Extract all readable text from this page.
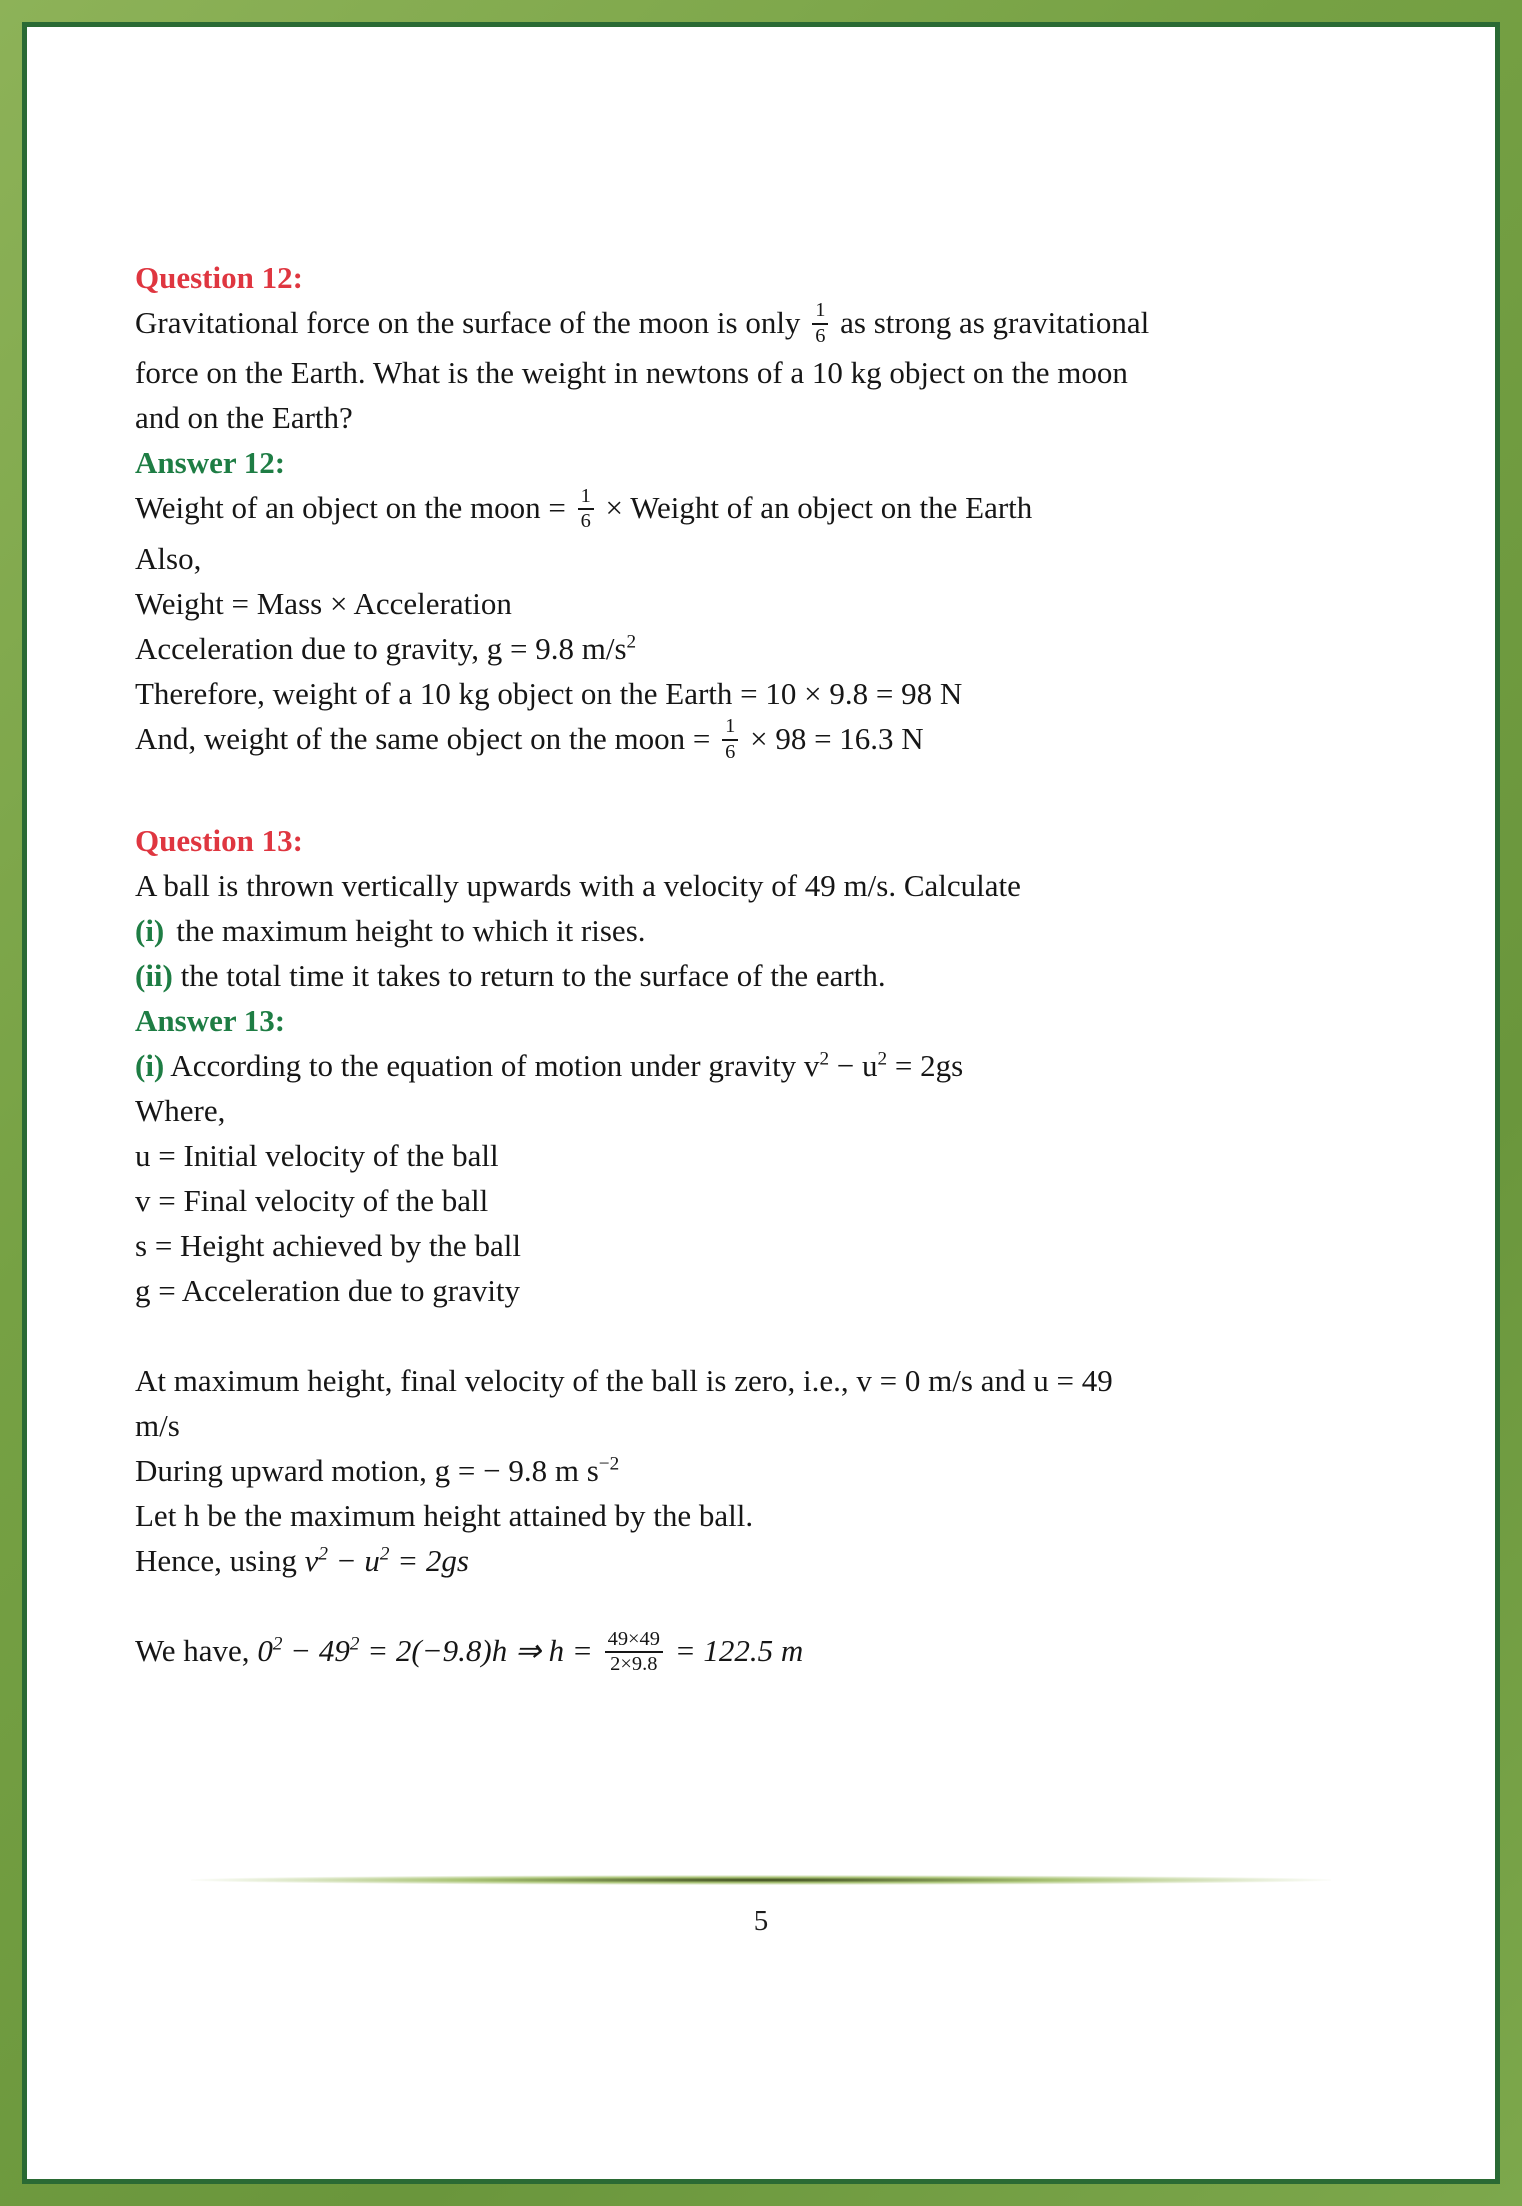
Question 12:
Gravitational force on the surface of the moon is only $\frac{1}{6}$ as strong as gravitational
force on the Earth. What is the weight in newtons of a 10 kg object on the moon
and on the Earth?
Answer 12:
Weight of an object on the moon = $\frac{1}{6}$ × Weight of an object on the Earth
Also,
Weight = Mass × Acceleration
Acceleration due to gravity, g = 9.8 $m/s^2$
Therefore, weight of a 10 kg object on the Earth = 10 × 9.8 = 98 N
And, weight of the same object on the moon = $\frac{1}{6} \times 98 = 16.3$ N
Question 13:
A ball is thrown vertically upwards with a velocity of 49 m/s. Calculate
(i) the maximum height to which it rises.
(ii) the total time it takes to return to the surface of the earth.
Answer 13:
(i) According to the equation of motion under gravity $v^2 - u^2 = 2gs$
Where,
u = Initial velocity of the ball
v = Final velocity of the ball
s = Height achieved by the ball
g = Acceleration due to gravity
At maximum height, final velocity of the ball is zero, i.e., v = 0 m/s and u = 49
m/s
During upward motion, g = − 9.8 m $s^{-2}$
Let h be the maximum height attained by the ball.
Hence, using $v^2 - u^2 = 2gs$
We have, $0^2 - 49^2 = 2(-9.8)h$ ⇒ $h = \frac{49\times 49}{2\times 9.8} = 122.5$ m
5
